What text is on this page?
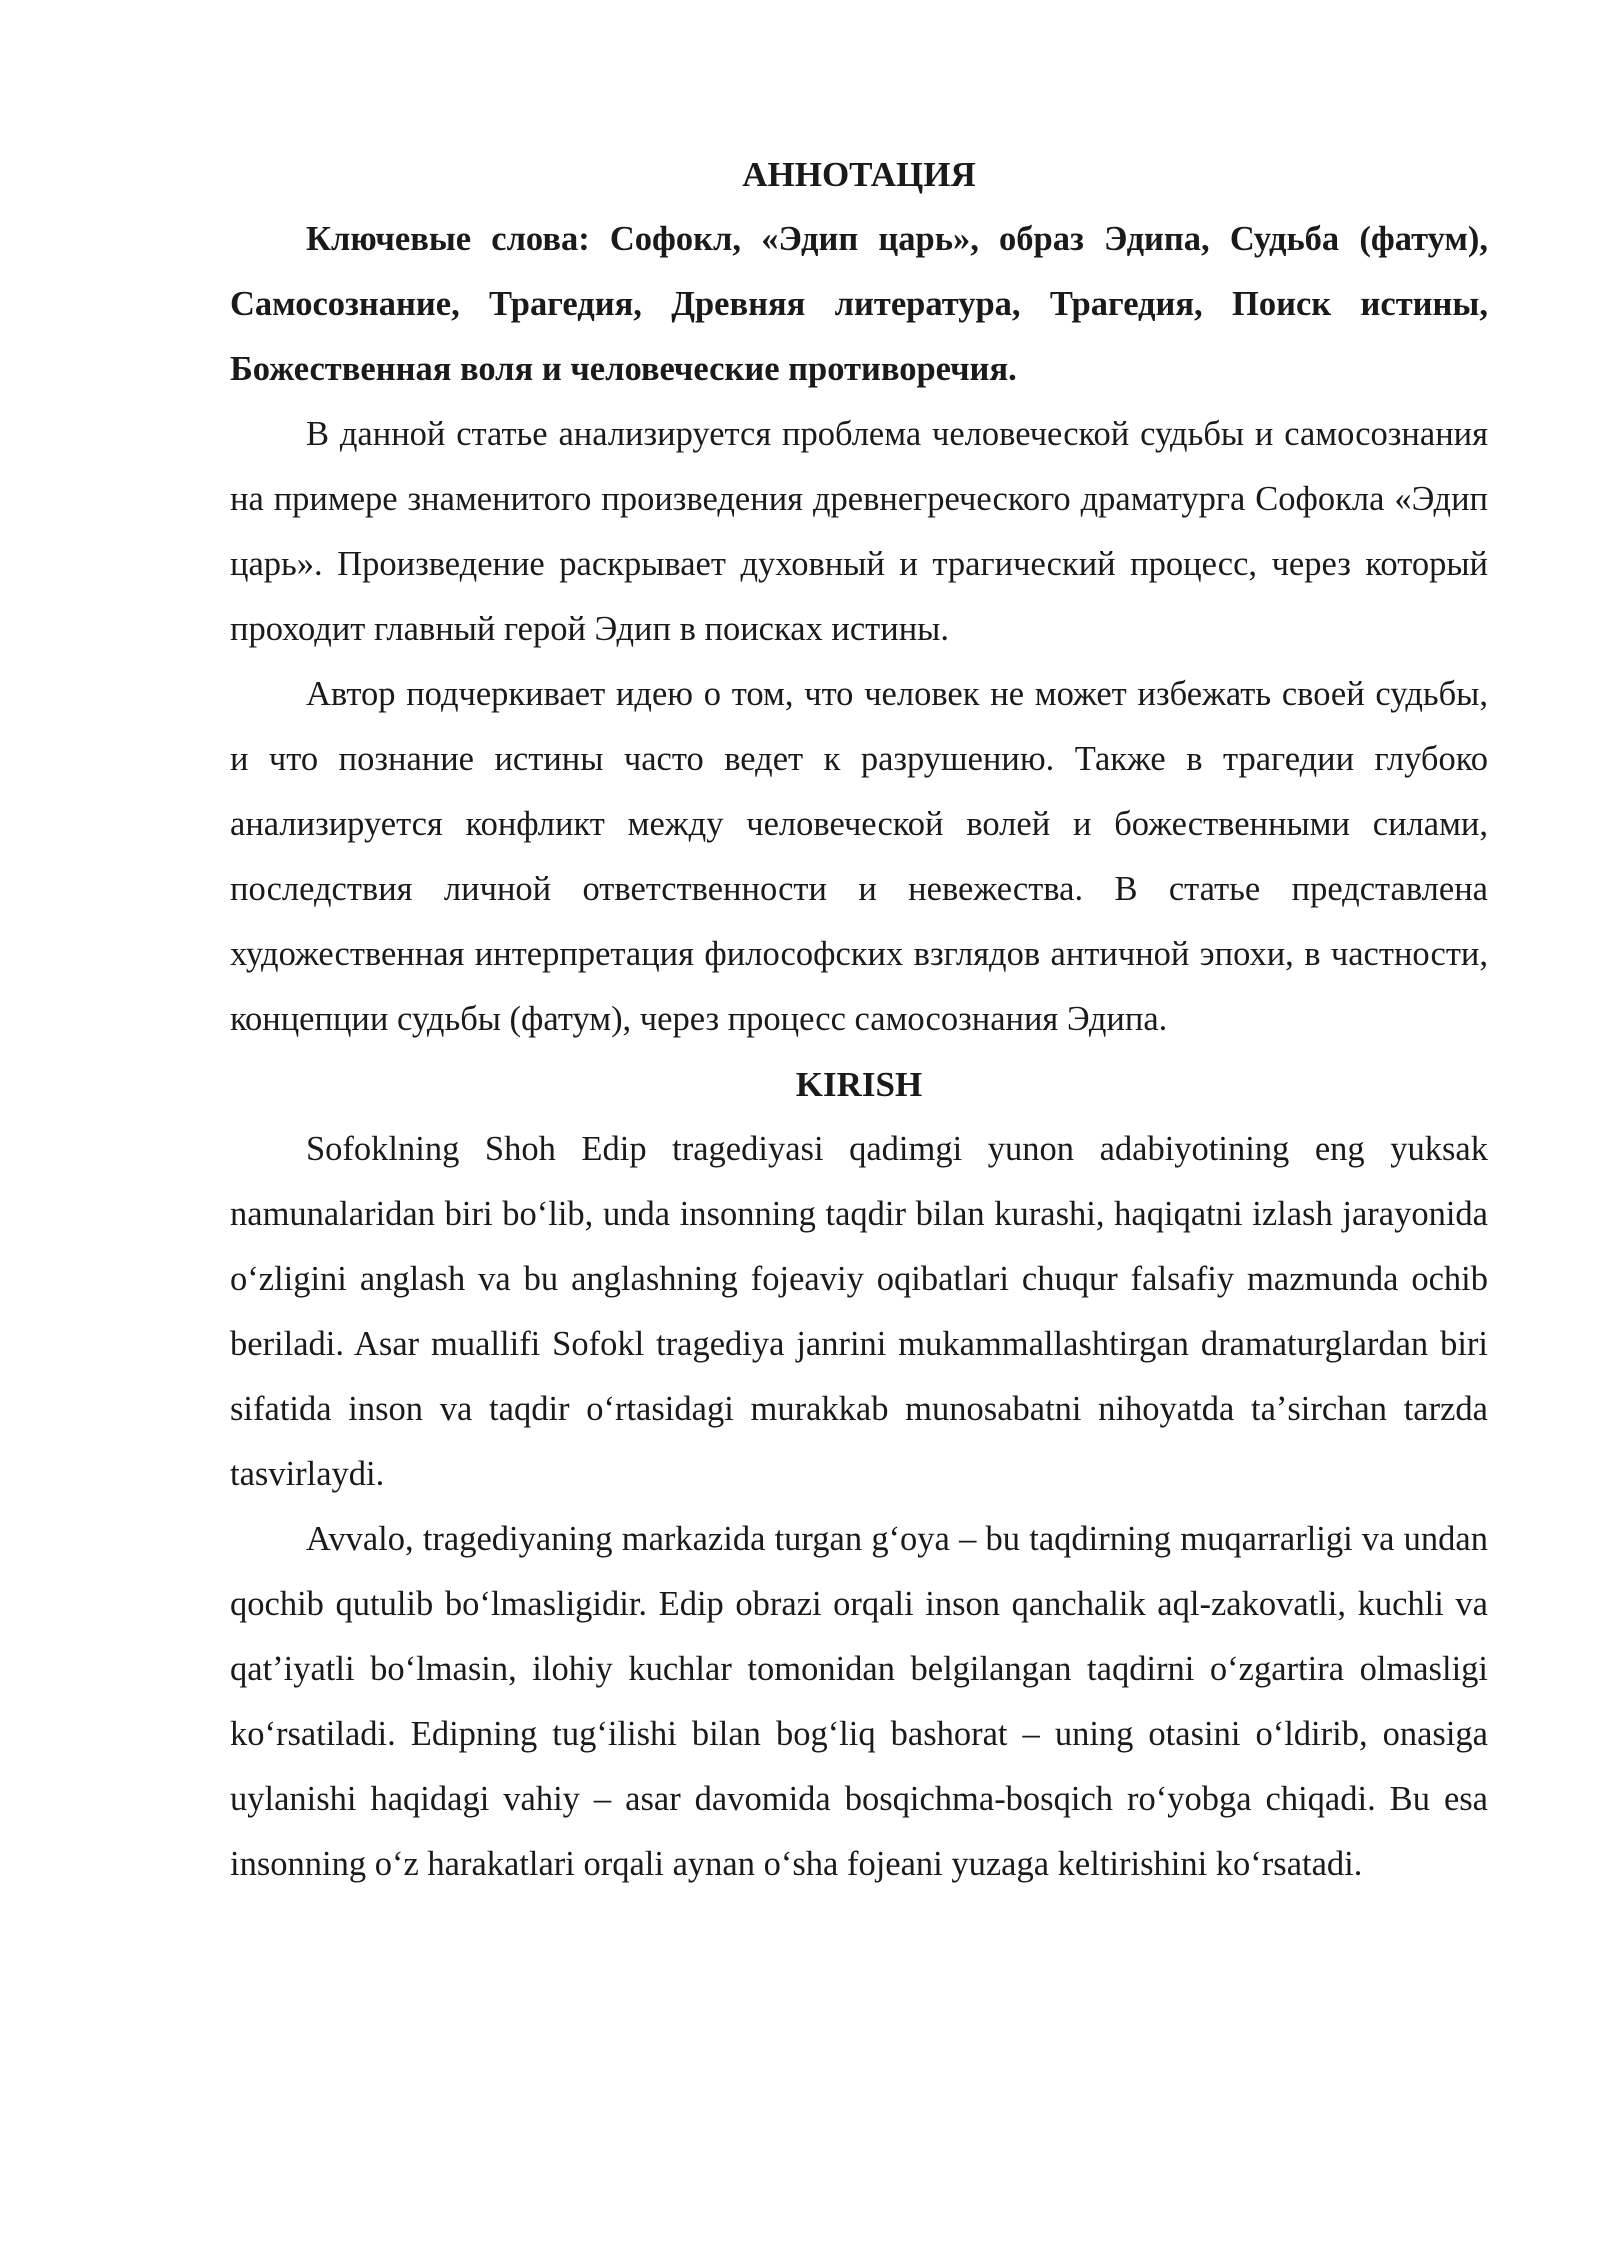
АННОТАЦИЯ

Ключевые слова: Софокл, «Эдип царь», образ Эдипа, Судьба (фатум), Самосознание, Трагедия, Древняя литература, Трагедия, Поиск истины, Божественная воля и человеческие противоречия.

В данной статье анализируется проблема человеческой судьбы и самосознания на примере знаменитого произведения древнегреческого драматурга Софокла «Эдип царь». Произведение раскрывает духовный и трагический процесс, через который проходит главный герой Эдип в поисках истины.

Автор подчеркивает идею о том, что человек не может избежать своей судьбы, и что познание истины часто ведет к разрушению. Также в трагедии глубоко анализируется конфликт между человеческой волей и божественными силами, последствия личной ответственности и невежества. В статье представлена художественная интерпретация философских взглядов античной эпохи, в частности, концепции судьбы (фатум), через процесс самосознания Эдипа.

KIRISH

Sofoklning Shoh Edip tragediyasi qadimgi yunon adabiyotining eng yuksak namunalaridan biri boʻlib, unda insonning taqdir bilan kurashi, haqiqatni izlash jarayonida oʻzligini anglash va bu anglashning fojeaviy oqibatlari chuqur falsafiy mazmunda ochib beriladi. Asar muallifi Sofokl tragediya janrini mukammallashtirgan dramaturglardan biri sifatida inson va taqdir oʻrtasidagi murakkab munosabatni nihoyatda taʼsirchan tarzda tasvirlaydi.

Avvalo, tragediyaning markazida turgan gʻoya – bu taqdirning muqarrarligi va undan qochib qutulib boʻlmasligidir. Edip obrazi orqali inson qanchalik aql-zakovatli, kuchli va qatʼiyatli boʻlmasin, ilohiy kuchlar tomonidan belgilangan taqdirni oʻzgartira olmasligi koʻrsatiladi. Edipning tugʻilishi bilan bogʻliq bashorat – uning otasini oʻldirib, onasiga uylanishi haqidagi vahiy – asar davomida bosqichma-bosqich roʻyobga chiqadi. Bu esa insonning oʻz harakatlari orqali aynan oʻsha fojeani yuzaga keltirishini koʻrsatadi.
